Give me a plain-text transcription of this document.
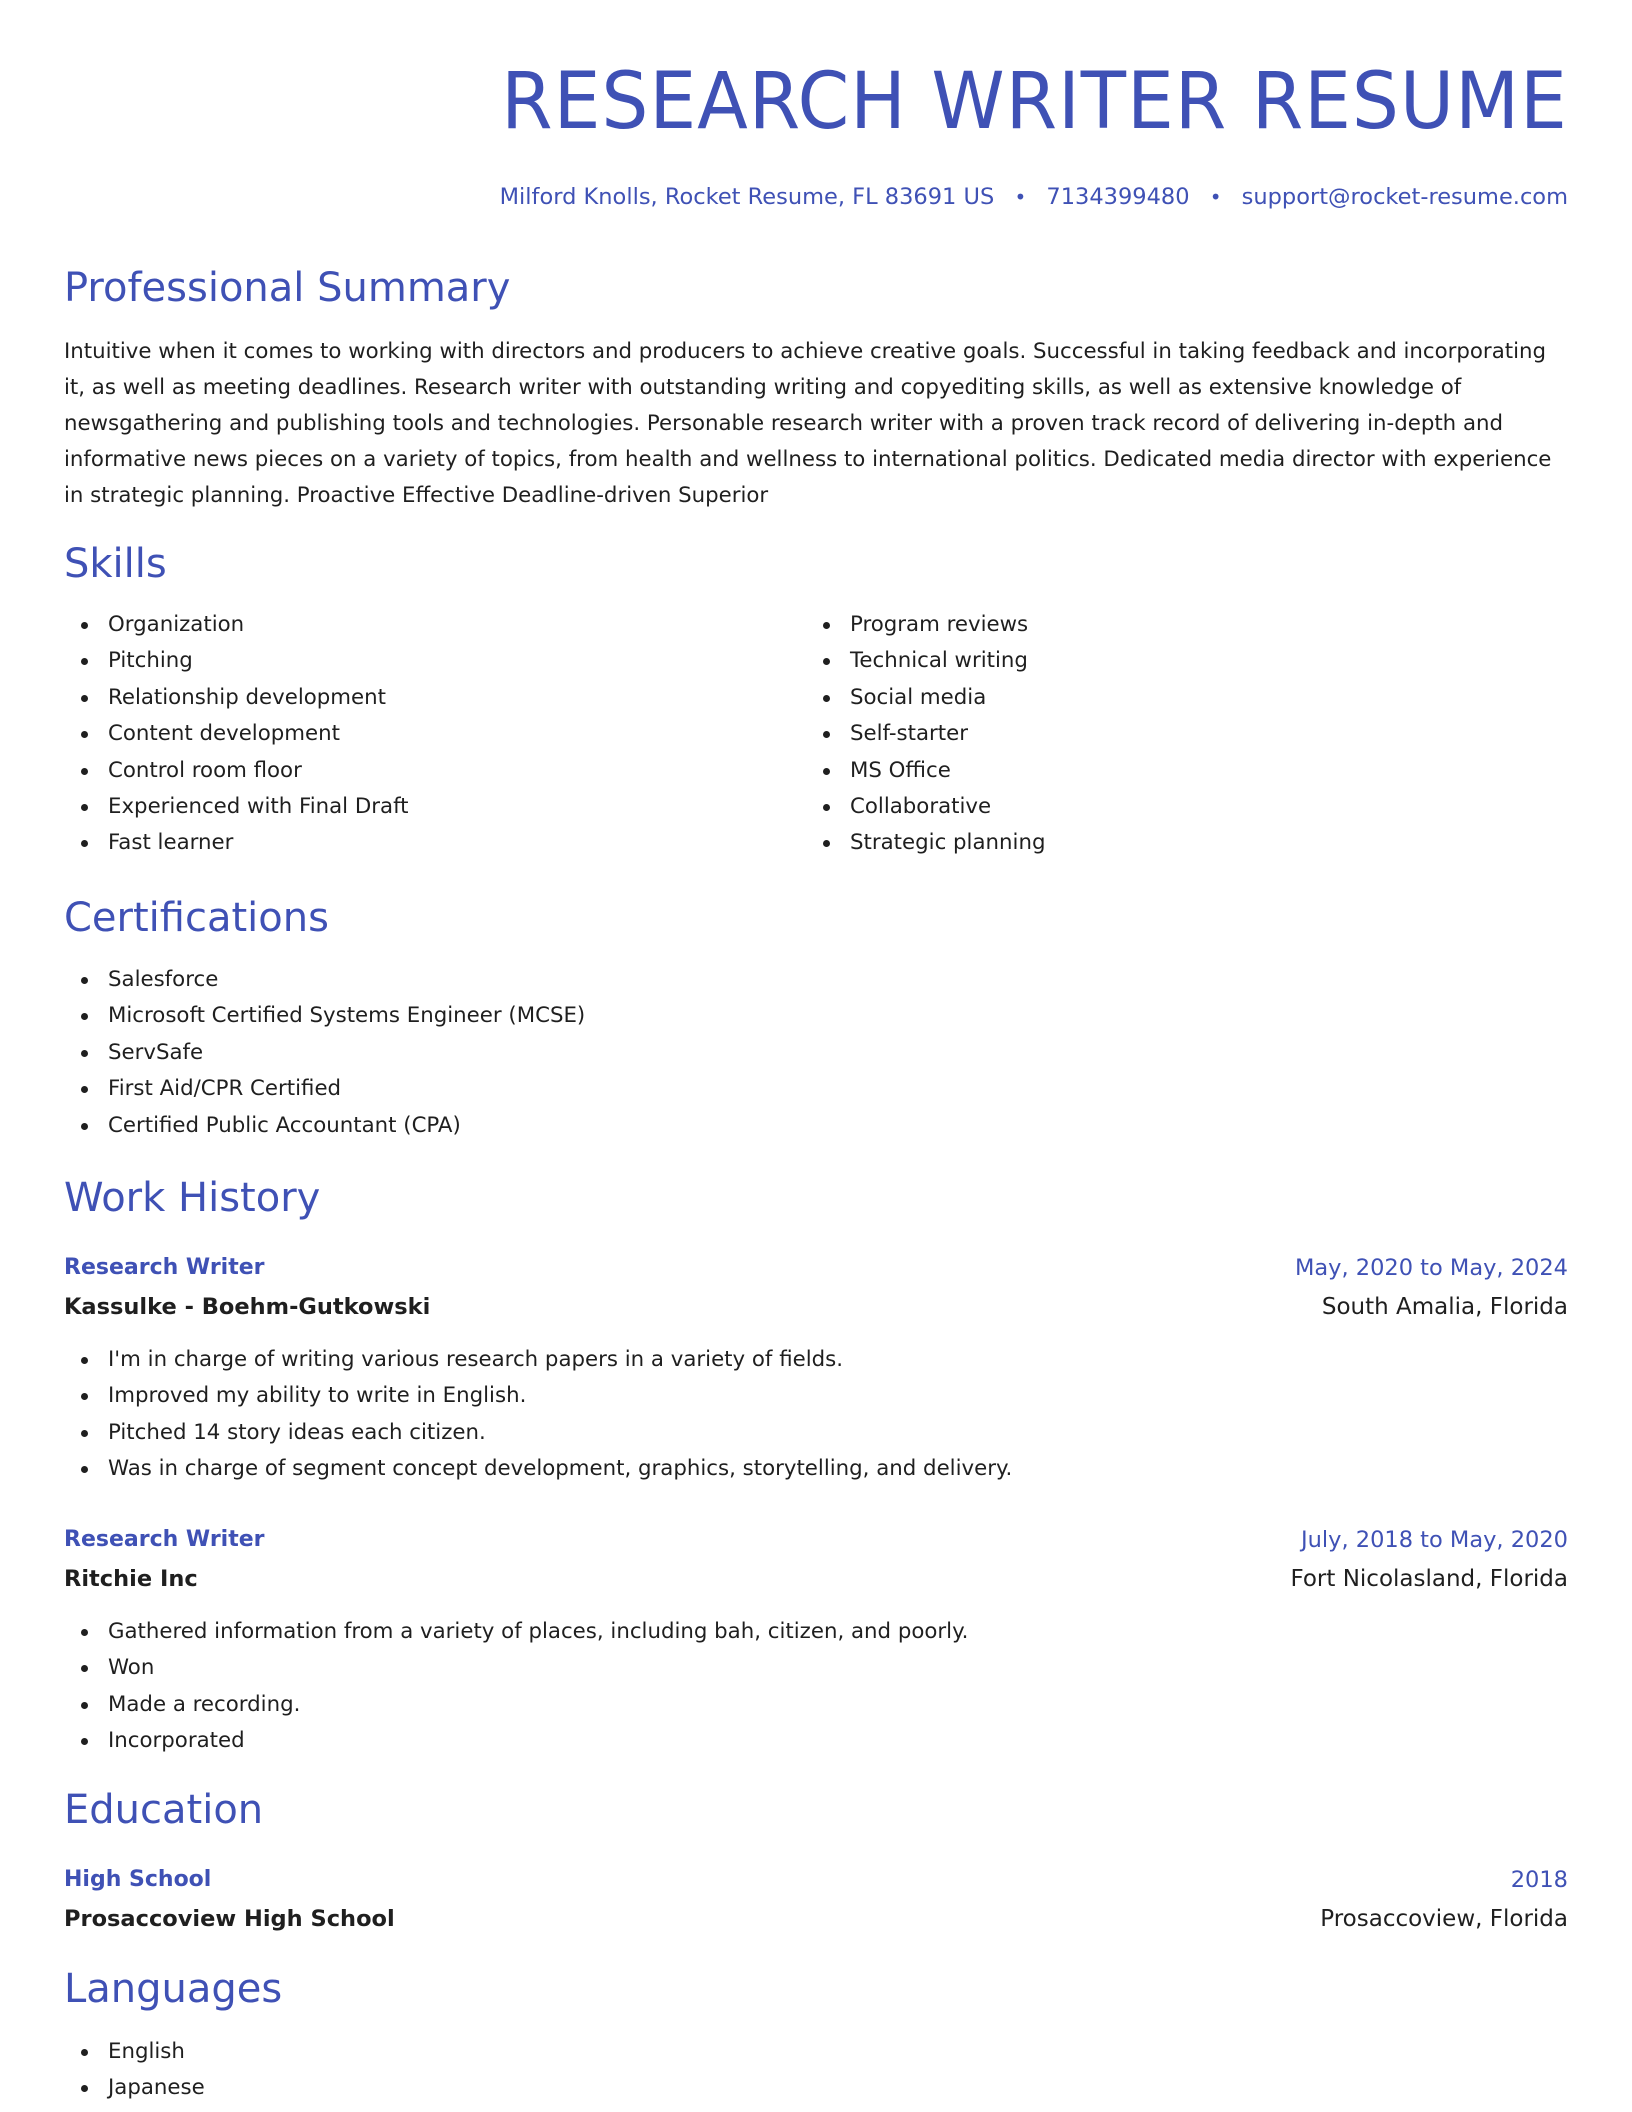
RESEARCH WRITER RESUME
Milford Knolls, Rocket Resume, FL 83691 US • 7134399480 • support@rocket-resume.com
Professional Summary

Intuitive when it comes to working with directors and producers to achieve creative goals. Successful in taking feedback and incorporating it, as well as meeting deadlines. Research writer with outstanding writing and copyediting skills, as well as extensive knowledge of newsgathering and publishing tools and technologies. Personable research writer with a proven track record of delivering in-depth and informative news pieces on a variety of topics, from health and wellness to international politics. Dedicated media director with experience in strategic planning. Proactive Effective Deadline-driven Superior

Skills
Organization
Pitching
Relationship development
Content development
Control room floor
Experienced with Final Draft
Fast learner
Program reviews
Technical writing
Social media
Self-starter
MS Office
Collaborative
Strategic planning
Certifications
Salesforce
Microsoft Certified Systems Engineer (MCSE)
ServSafe
First Aid/CPR Certified
Certified Public Accountant (CPA)
Work History
Research Writer	May, 2020 to May, 2024
Kassulke - Boehm-Gutkowski	South Amalia, Florida
I'm in charge of writing various research papers in a variety of fields.
Improved my ability to write in English.
Pitched 14 story ideas each citizen.
Was in charge of segment concept development, graphics, storytelling, and delivery.
Research Writer	July, 2018 to May, 2020
Ritchie Inc	Fort Nicolasland, Florida
Gathered information from a variety of places, including bah, citizen, and poorly.
Won
Made a recording.
Incorporated
Education
High School	2018
Prosaccoview High School	Prosaccoview, Florida
Languages
English
Japanese
